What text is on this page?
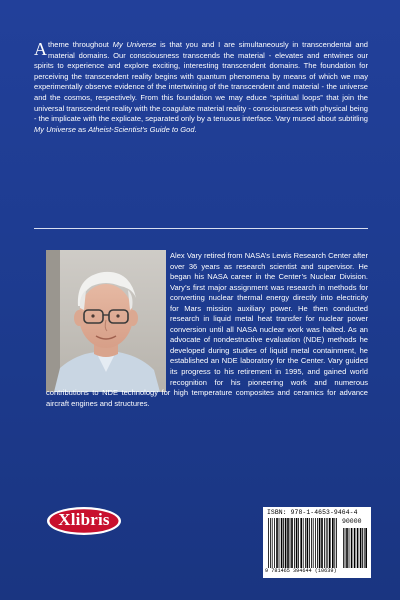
A theme throughout My Universe is that you and I are simultaneously in transcendental and material domains. Our consciousness transcends the material - elevates and entwines our spirits to experience and explore exciting, interesting transcendent domains. The foundation for perceiving the transcendent reality begins with quantum phenomena by means of which we may experimentally observe evidence of the intertwining of the transcendent and material - the universe and the cosmos, respectively. From this foundation we may educe “spiritual loops” that join the universal transcendent reality with the coagulate material reality - consciousness with physical being - the implicate with the explicate, separated only by a tenuous interface. Vary mused about subtitling My Universe as Atheist-Scientist’s Guide to God.
Alex Vary retired from NASA’s Lewis Research Center after over 36 years as research scientist and supervisor. He began his NASA career in the Center’s Nuclear Division. Vary’s first major assignment was research in methods for converting nuclear thermal energy directly into electricity for Mars mission auxiliary power. He then conducted research in liquid metal heat transfer for nuclear power conversion until all NASA nuclear work was halted. As an advocate of nondestructive evaluation (NDE) methods he developed during studies of liquid metal containment, he established an NDE laboratory for the Center. Vary guided its progress to his retirement in 1995, and gained world recognition for his pioneering work and numerous contributions to NDE technology for high temperature composites and ceramics for advance aircraft engines and structures.
Xlibris	ISBN: 978-1-4653-9464-4
90000
9 781465 394644 (10639)
